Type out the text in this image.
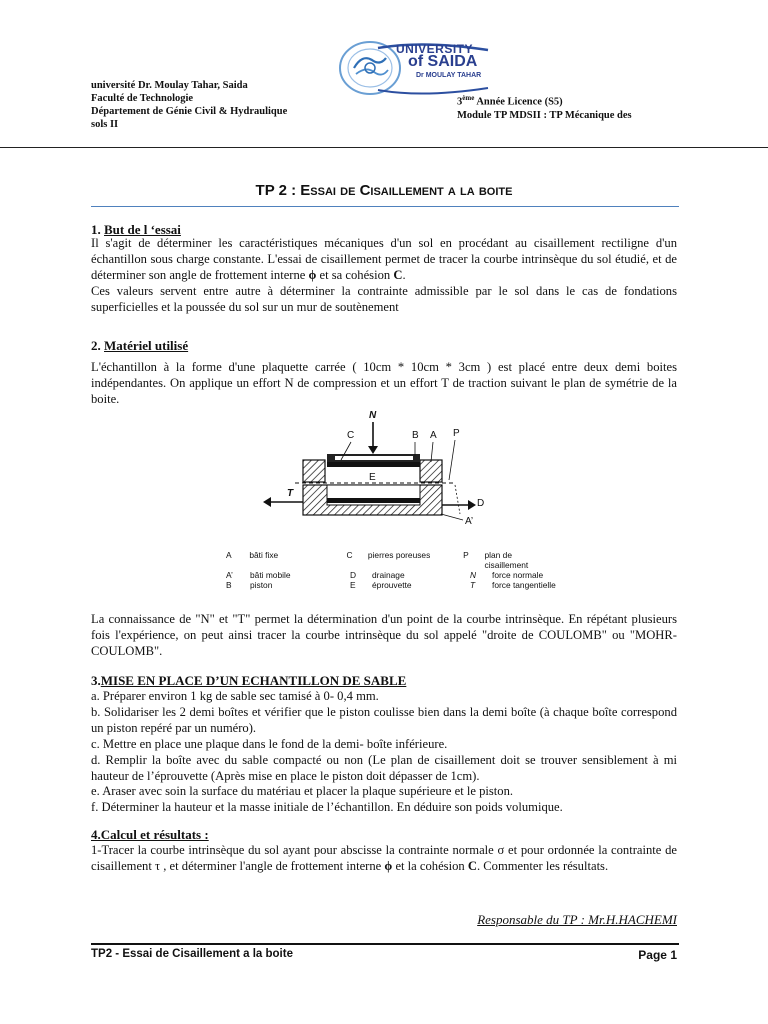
UNIVERSITY
of SAIDA
Dr MOULAY TAHAR
université Dr. Moulay Tahar, Saida
Faculté de Technologie
Département de Génie Civil & Hydraulique
sols II
3ème Année Licence (S5)
Module TP MDSII : TP Mécanique des
TP 2 : Essai de Cisaillement a la boite
1. But de l ‘essai
Il s'agit de déterminer les caractéristiques mécaniques d'un sol en procédant au cisaillement rectiligne d'un échantillon sous charge constante. L'essai de cisaillement permet de tracer la courbe intrinsèque du sol étudié, et de déterminer son angle de frottement interne ϕ et sa cohésion C.
Ces valeurs servent entre autre à déterminer la contrainte admissible par le sol dans le cas de fondations superficielles et la poussée du sol sur un mur de soutènement
2. Matériel utilisé
L'échantillon à la forme d'une plaquette carrée ( 10cm * 10cm * 3cm ) est placé entre deux demi boites indépendantes. On applique un effort N de compression et un effort T de traction suivant le plan de symétrie de la boite.
N
C	B A P
E
T
D
A’
A	bâti fixe	C	pierres poreuses	P	plan de cisaillement
A’	bâti mobile	D	drainage	N	force normale
B	piston	E	éprouvette	T	force tangentielle
La connaissance de "N" et "T" permet la détermination d'un point de la courbe intrinsèque. En répétant plusieurs fois l'expérience, on peut ainsi tracer la courbe intrinsèque du sol appelé "droite de COULOMB" ou "MOHR-COULOMB".
3.MISE EN PLACE D’UN ECHANTILLON DE SABLE
a. Préparer environ 1 kg de sable sec tamisé à 0- 0,4 mm.
b. Solidariser les 2 demi boîtes et vérifier que le piston coulisse bien dans la demi boîte (à chaque boîte correspond un piston repéré par un numéro).
c. Mettre en place une plaque dans le fond de la demi- boîte inférieure.
d. Remplir la boîte avec du sable compacté ou non (Le plan de cisaillement doit se trouver sensiblement à mi hauteur de l’éprouvette (Après mise en place le piston doit dépasser de 1cm).
e. Araser avec soin la surface du matériau et placer la plaque supérieure et le piston.
f. Déterminer la hauteur et la masse initiale de l’échantillon. En déduire son poids volumique.
4.Calcul et résultats :
1-Tracer la courbe intrinsèque du sol ayant pour abscisse la contrainte normale σ et pour ordonnée la contrainte de cisaillement τ , et déterminer l'angle de frottement interne ϕ et la cohésion C. Commenter les résultats.
Responsable du TP : Mr.H.HACHEMI
TP2 - Essai de Cisaillement a la boite	Page 1
